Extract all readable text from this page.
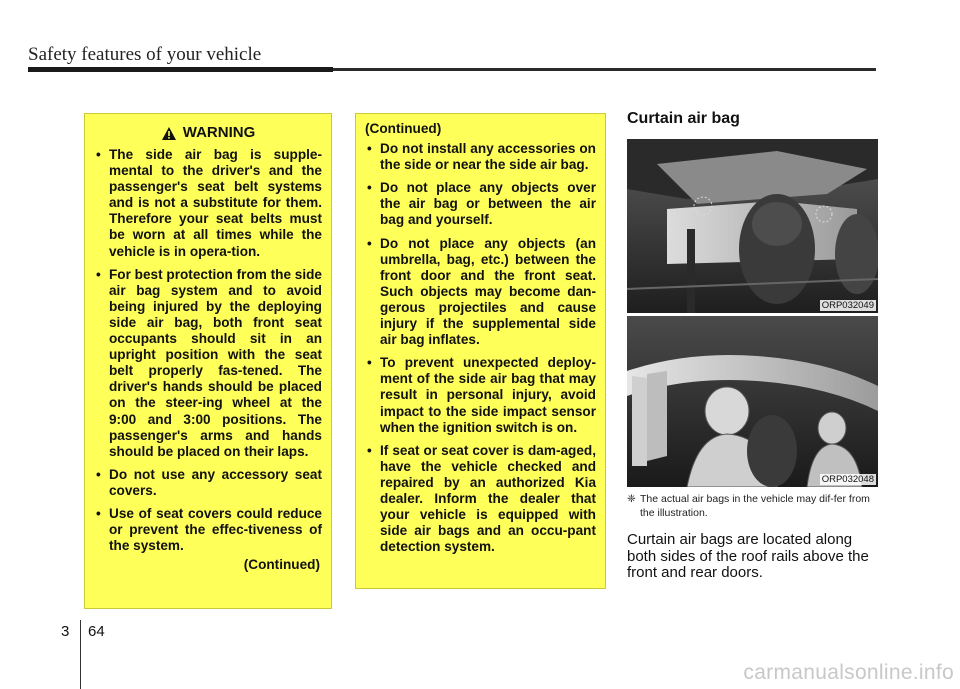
Safety features of your vehicle
WARNING
• The side air bag is supple-mental to the driver's and the passenger's seat belt systems and is not a substitute for them. Therefore your seat belts must be worn at all times while the vehicle is in opera-tion.
• For best protection from the side air bag system and to avoid being injured by the deploying side air bag, both front seat occupants should sit in an upright position with the seat belt properly fas-tened. The driver's hands should be placed on the steer-ing wheel at the 9:00 and 3:00 positions. The passenger's arms and hands should be placed on their laps.
• Do not use any accessory seat covers.
• Use of seat covers could reduce or prevent the effec-tiveness of the system.
(Continued)
(Continued)
• Do not install any accessories on the side or near the side air bag.
• Do not place any objects over the air bag or between the air bag and yourself.
• Do not place any objects (an umbrella, bag, etc.) between the front door and the front seat. Such objects may become dan-gerous projectiles and cause injury if the supplemental side air bag inflates.
• To prevent unexpected deploy-ment of the side air bag that may result in personal injury, avoid impact to the side impact sensor when the ignition switch is on.
• If seat or seat cover is dam-aged, have the vehicle checked and repaired by an authorized Kia dealer. Inform the dealer that your vehicle is equipped with side air bags and an occu-pant detection system.
Curtain air bag
ORP032049
ORP032048
❈ The actual air bags in the vehicle may dif-fer from the illustration.
Curtain air bags are located along both sides of the roof rails above the front and rear doors.
3 64
carmanualsonline.info
